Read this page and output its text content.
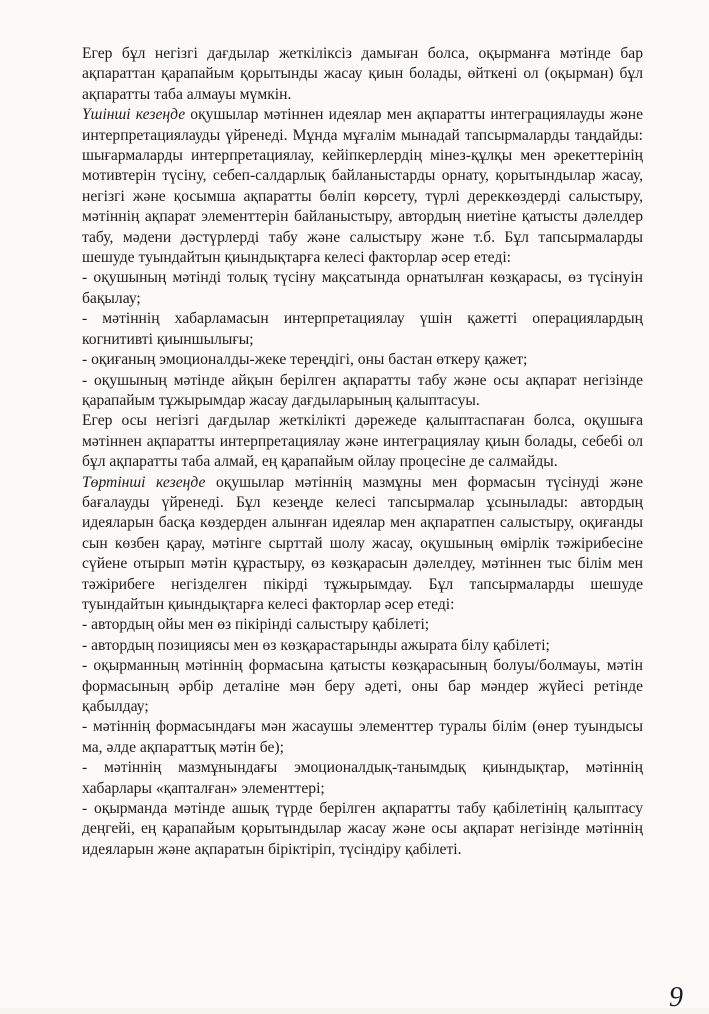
Егер бұл негізгі дағдылар жеткіліксіз дамыған болса, оқырманға мәтінде бар ақпараттан қарапайым қорытынды жасау қиын болады, өйткені ол (оқырман) бұл ақпаратты таба алмауы мүмкін.

Үшінші кезеңде оқушылар мәтіннен идеялар мен ақпаратты интеграциялауды және интерпретациялауды үйренеді. Мұнда мұғалім мынадай тапсырмаларды таңдайды: шығармаларды интерпретациялау, кейіпкерлердің мінез-құлқы мен әрекеттерінің мотивтерін түсіну, себеп-салдарлық байланыстарды орнату, қорытындылар жасау, негізгі және қосымша ақпаратты бөліп көрсету, түрлі дереккөздерді салыстыру, мәтіннің ақпарат элементтерін байланыстыру, автордың ниетіне қатысты дәлелдер табу, мәдени дәстүрлерді табу және салыстыру және т.б. Бұл тапсырмаларды шешуде туындайтын қиындықтарға келесі факторлар әсер етеді:

- оқушының мәтінді толық түсіну мақсатында орнатылған көзқарасы, өз түсінуін бақылау;

- мәтіннің хабарламасын интерпретациялау үшін қажетті операциялардың когнитивті қиыншылығы;

- оқиғаның эмоционалды-жеке тереңдігі, оны бастан өткеру қажет;

- оқушының мәтінде айқын берілген ақпаратты табу және осы ақпарат негізінде қарапайым тұжырымдар жасау дағдыларының қалыптасуы.

Егер осы негізгі дағдылар жеткілікті дәрежеде қалыптаспаған болса, оқушыға мәтіннен ақпаратты интерпретациялау және интеграциялау қиын болады, себебі ол бұл ақпаратты таба алмай, ең қарапайым ойлау процесіне де салмайды.

Төртінші кезеңде оқушылар мәтіннің мазмұны мен формасын түсінуді және бағалауды үйренеді. Бұл кезеңде келесі тапсырмалар ұсынылады: автордың идеяларын басқа көздерден алынған идеялар мен ақпаратпен салыстыру, оқиғанды сын көзбен қарау, мәтінге сырттай шолу жасау, оқушының өмірлік тәжірибесіне сүйене отырып мәтін құрастыру, өз көзқарасын дәлелдеу, мәтіннен тыс білім мен тәжірибеге негізделген пікірді тұжырымдау. Бұл тапсырмаларды шешуде туындайтын қиындықтарға келесі факторлар әсер етеді:

- автордың ойы мен өз пікірінді салыстыру қабілеті;

- автордың позициясы мен өз көзқарастарынды ажырата білу қабілеті;

- оқырманның мәтіннің формасына қатысты көзқарасының болуы/болмауы, мәтін формасының әрбір деталіне мән беру әдеті, оны бар мәндер жүйесі ретінде қабылдау;

- мәтіннің формасындағы мән жасаушы элементтер туралы білім (өнер туындысы ма, әлде ақпараттық мәтін бе);

- мәтіннің мазмұнындағы эмоционалдық-танымдық қиындықтар, мәтіннің хабарлары «қапталған» элементтері;

- оқырманда мәтінде ашық түрде берілген ақпаратты табу қабілетінің қалыптасу деңгейі, ең қарапайым қорытындылар жасау және осы ақпарат негізінде мәтіннің идеяларын және ақпаратын біріктіріп, түсіндіру қабілеті.

9
